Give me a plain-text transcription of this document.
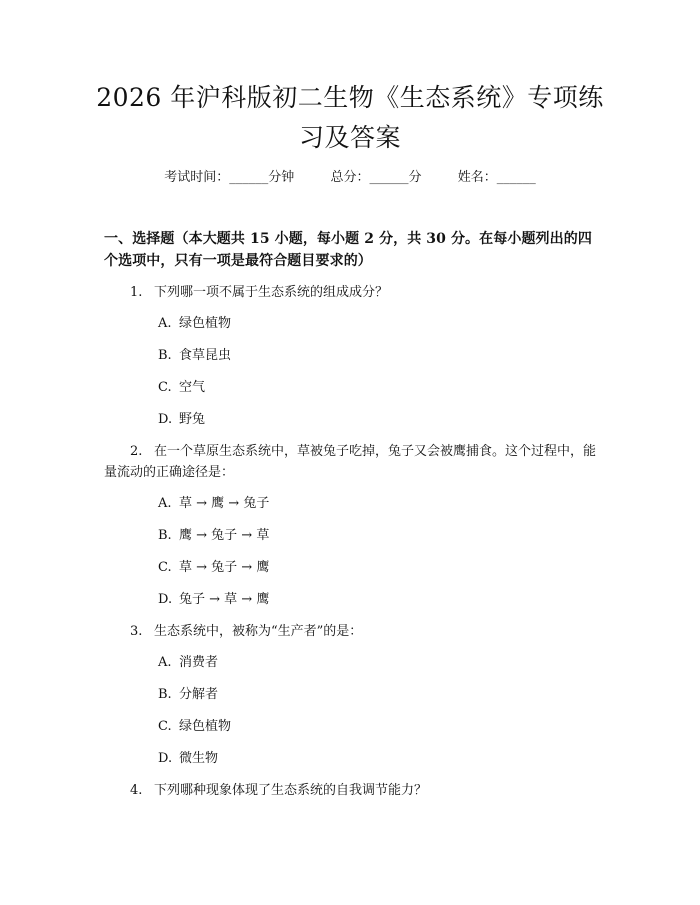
2026 年沪科版初二生物《生态系统》专项练
习及答案
考试时间：______分钟	总分：______分	姓名：______
一、选择题（本大题共 15 小题，每小题 2 分，共 30 分。在每小题列出的四个选项中，只有一项是最符合题目要求的）
1. 下列哪一项不属于生态系统的组成成分？
A. 绿色植物
B. 食草昆虫
C. 空气
D. 野兔
2. 在一个草原生态系统中，草被兔子吃掉，兔子又会被鹰捕食。这个过程中，能量流动的正确途径是：
A. 草 → 鹰 → 兔子
B. 鹰 → 兔子 → 草
C. 草 → 兔子 → 鹰
D. 兔子 → 草 → 鹰
3. 生态系统中，被称为“生产者”的是：
A. 消费者
B. 分解者
C. 绿色植物
D. 微生物
4. 下列哪种现象体现了生态系统的自我调节能力？
